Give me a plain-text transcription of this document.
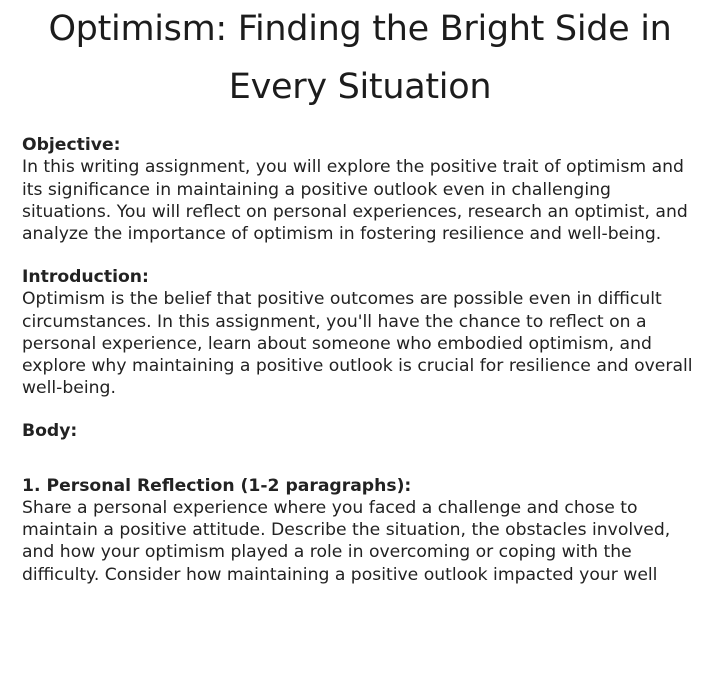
Optimism: Finding the Bright Side in
Every Situation
Objective:
In this writing assignment, you will explore the positive trait of optimism and its significance in maintaining a positive outlook even in challenging situations. You will reflect on personal experiences, research an optimist, and analyze the importance of optimism in fostering resilience and well-being.
Introduction:
Optimism is the belief that positive outcomes are possible even in difficult circumstances. In this assignment, you'll have the chance to reflect on a personal experience, learn about someone who embodied optimism, and explore why maintaining a positive outlook is crucial for resilience and overall well-being.
Body:
1. Personal Reflection (1-2 paragraphs):
Share a personal experience where you faced a challenge and chose to maintain a positive attitude. Describe the situation, the obstacles involved, and how your optimism played a role in overcoming or coping with the difficulty. Consider how maintaining a positive outlook impacted your well
